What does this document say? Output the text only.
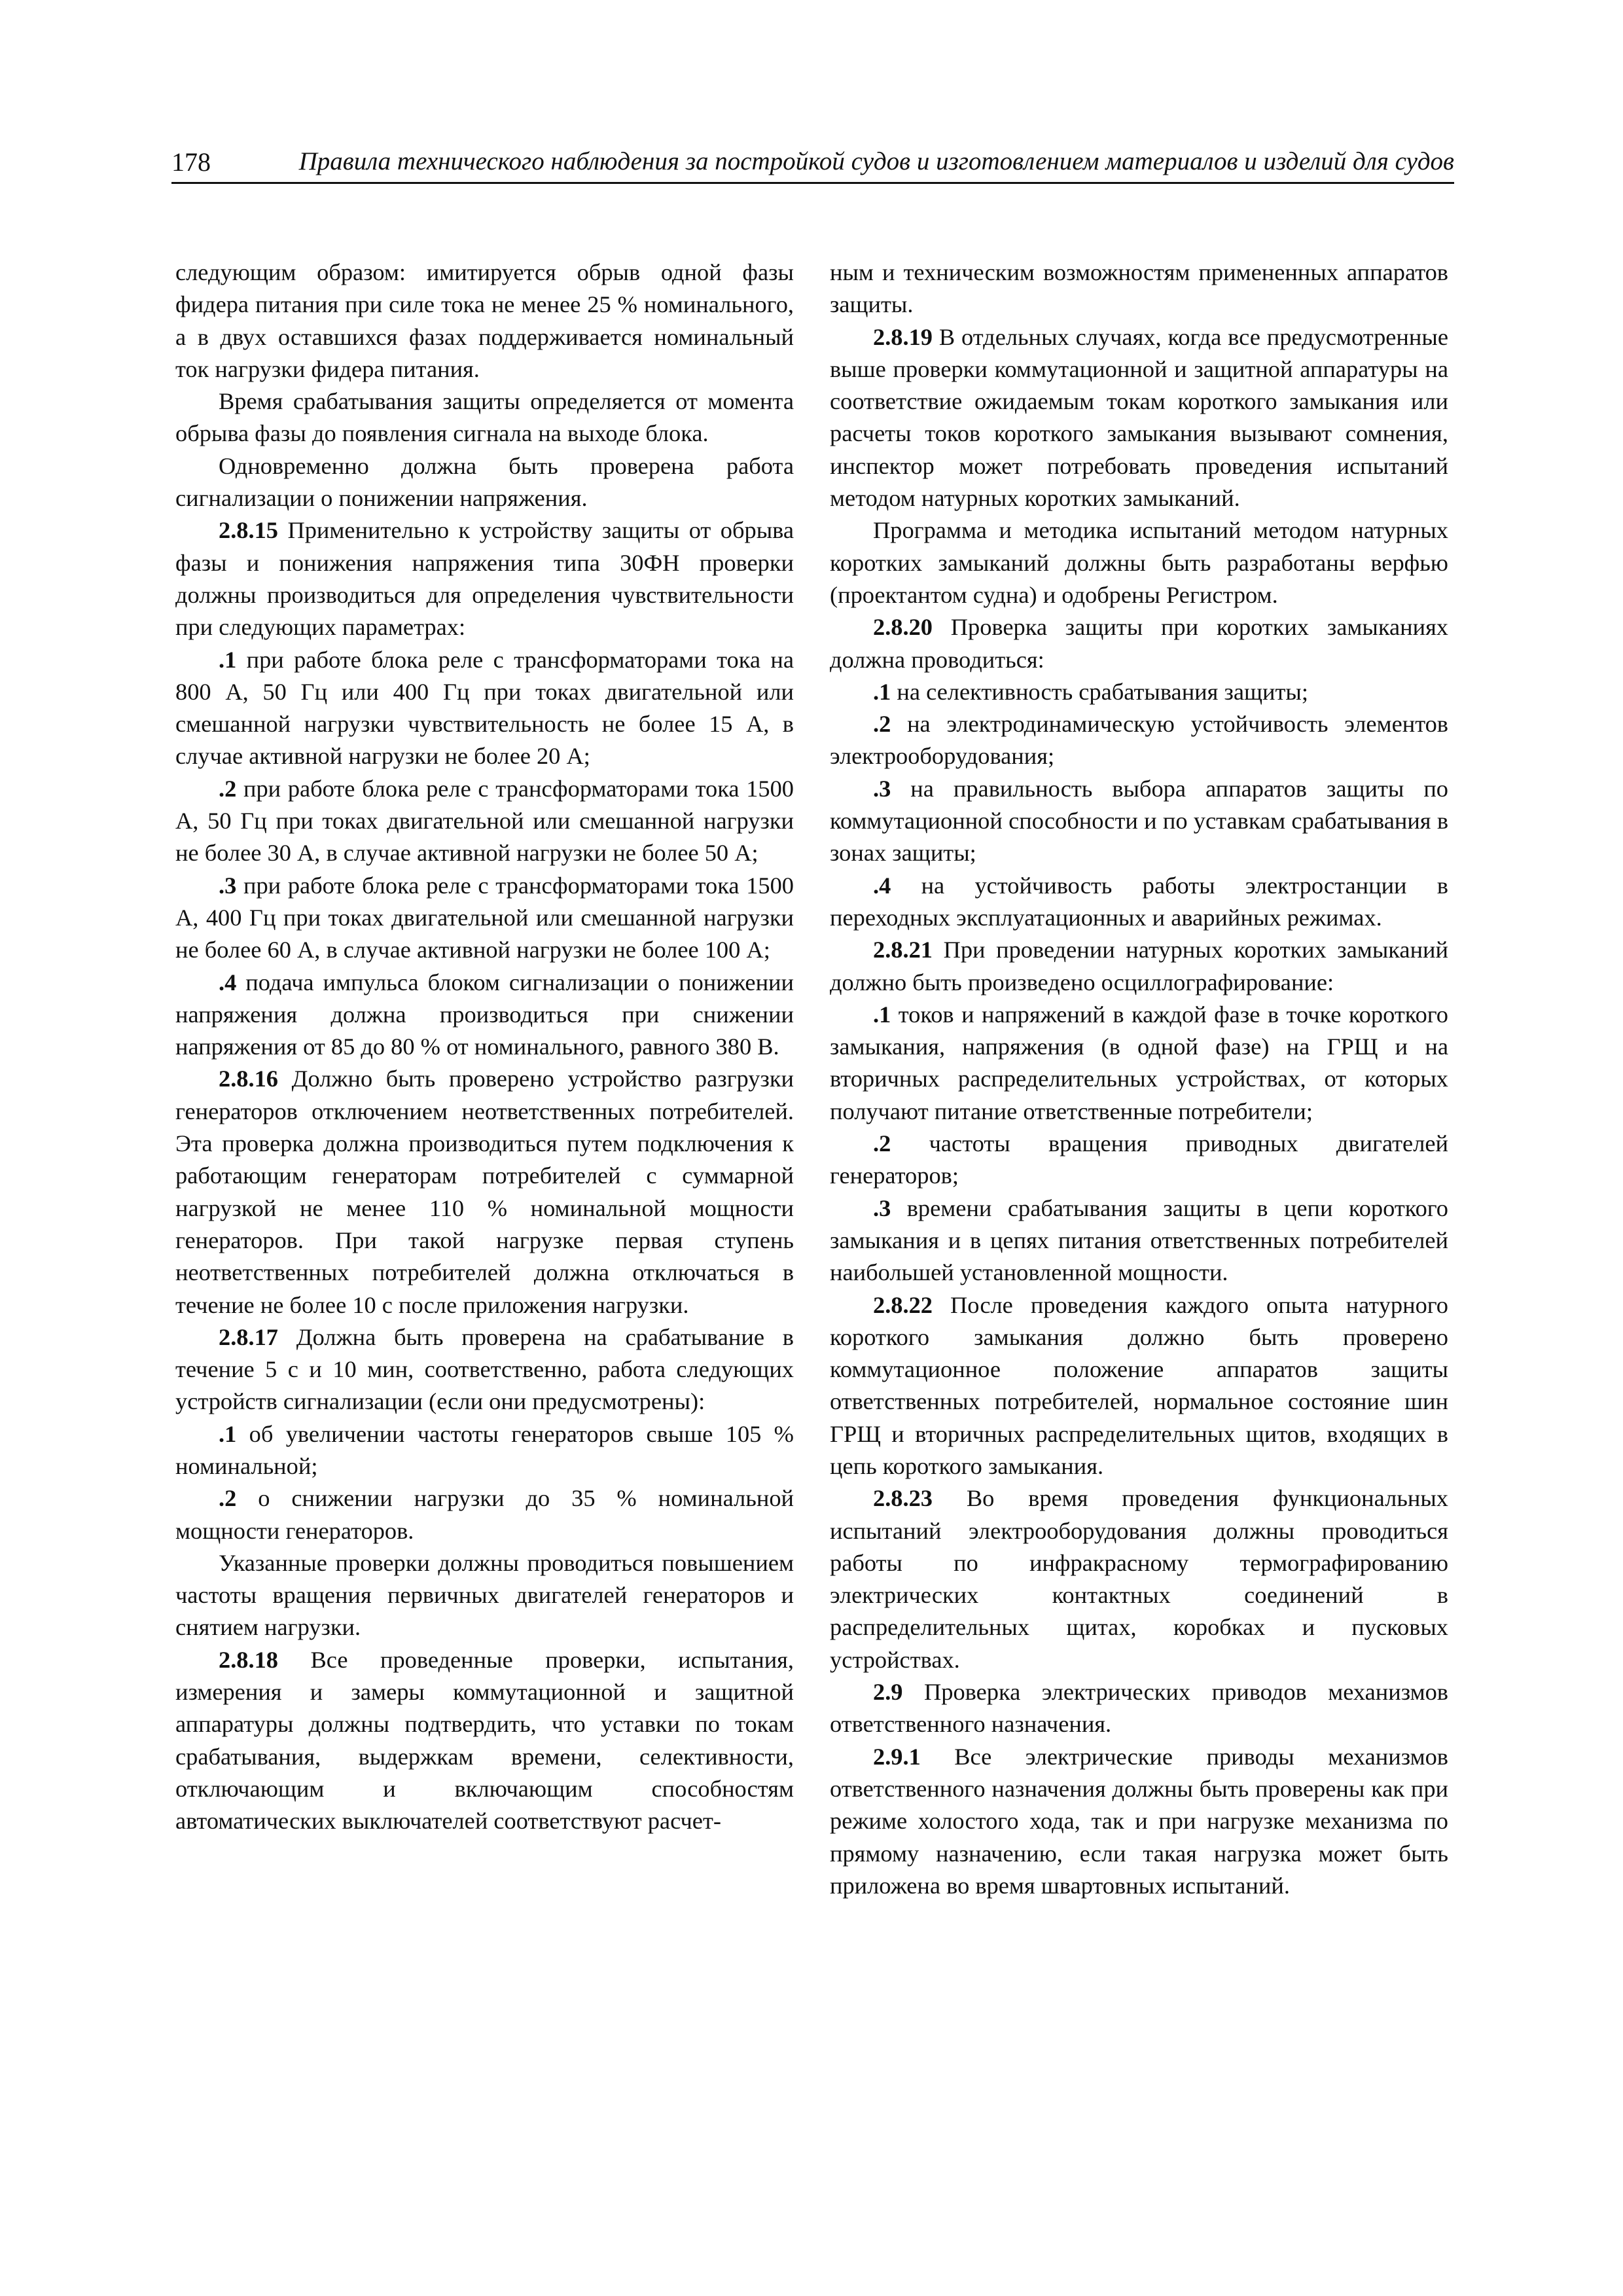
178	Правила технического наблюдения за постройкой судов и изготовлением материалов и изделий для судов

следующим образом: имитируется обрыв одной фазы фидера питания при силе тока не менее 25 % номинального, а в двух оставшихся фазах поддерживается номинальный ток нагрузки фидера питания.

Время срабатывания защиты определяется от момента обрыва фазы до появления сигнала на выходе блока.

Одновременно должна быть проверена работа сигнализации о понижении напряжения.

2.8.15 Применительно к устройству защиты от обрыва фазы и понижения напряжения типа 30ФН проверки должны производиться для определения чувствительности при следующих параметрах:

.1 при работе блока реле с трансформаторами тока на 800 А, 50 Гц или 400 Гц при токах двигательной или смешанной нагрузки чувствительность не более 15 А, в случае активной нагрузки не более 20 А;

.2 при работе блока реле с трансформаторами тока 1500 А, 50 Гц при токах двигательной или смешанной нагрузки не более 30 А, в случае активной нагрузки не более 50 А;

.3 при работе блока реле с трансформаторами тока 1500 А, 400 Гц при токах двигательной или смешанной нагрузки не более 60 А, в случае активной нагрузки не более 100 А;

.4 подача импульса блоком сигнализации о понижении напряжения должна производиться при снижении напряжения от 85 до 80 % от номинального, равного 380 В.

2.8.16 Должно быть проверено устройство разгрузки генераторов отключением неответственных потребителей. Эта проверка должна производиться путем подключения к работающим генераторам потребителей с суммарной нагрузкой не менее 110 % номинальной мощности генераторов. При такой нагрузке первая ступень неответственных потребителей должна отключаться в течение не более 10 с после приложения нагрузки.

2.8.17 Должна быть проверена на срабатывание в течение 5 с и 10 мин, соответственно, работа следующих устройств сигнализации (если они предусмотрены):

.1 об увеличении частоты генераторов свыше 105 % номинальной;

.2 о снижении нагрузки до 35 % номинальной мощности генераторов.

Указанные проверки должны проводиться повышением частоты вращения первичных двигателей генераторов и снятием нагрузки.

2.8.18 Все проведенные проверки, испытания, измерения и замеры коммутационной и защитной аппаратуры должны подтвердить, что уставки по токам срабатывания, выдержкам времени, селективности, отключающим и включающим способностям автоматических выключателей соответствуют расчет-

ным и техническим возможностям примененных аппаратов защиты.

2.8.19 В отдельных случаях, когда все предусмотренные выше проверки коммутационной и защитной аппаратуры на соответствие ожидаемым токам короткого замыкания или расчеты токов короткого замыкания вызывают сомнения, инспектор может потребовать проведения испытаний методом натурных коротких замыканий.

Программа и методика испытаний методом натурных коротких замыканий должны быть разработаны верфью (проектантом судна) и одобрены Регистром.

2.8.20 Проверка защиты при коротких замыканиях должна проводиться:

.1 на селективность срабатывания защиты;

.2 на электродинамическую устойчивость элементов электрооборудования;

.3 на правильность выбора аппаратов защиты по коммутационной способности и по уставкам срабатывания в зонах защиты;

.4 на устойчивость работы электростанции в переходных эксплуатационных и аварийных режимах.

2.8.21 При проведении натурных коротких замыканий должно быть произведено осциллографирование:

.1 токов и напряжений в каждой фазе в точке короткого замыкания, напряжения (в одной фазе) на ГРЩ и на вторичных распределительных устройствах, от которых получают питание ответственные потребители;

.2 частоты вращения приводных двигателей генераторов;

.3 времени срабатывания защиты в цепи короткого замыкания и в цепях питания ответственных потребителей наибольшей установленной мощности.

2.8.22 После проведения каждого опыта натурного короткого замыкания должно быть проверено коммутационное положение аппаратов защиты ответственных потребителей, нормальное состояние шин ГРЩ и вторичных распределительных щитов, входящих в цепь короткого замыкания.

2.8.23 Во время проведения функциональных испытаний электрооборудования должны проводиться работы по инфракрасному термографированию электрических контактных соединений в распределительных щитах, коробках и пусковых устройствах.

2.9 Проверка электрических приводов механизмов ответственного назначения.

2.9.1 Все электрические приводы механизмов ответственного назначения должны быть проверены как при режиме холостого хода, так и при нагрузке механизма по прямому назначению, если такая нагрузка может быть приложена во время швартовных испытаний.
